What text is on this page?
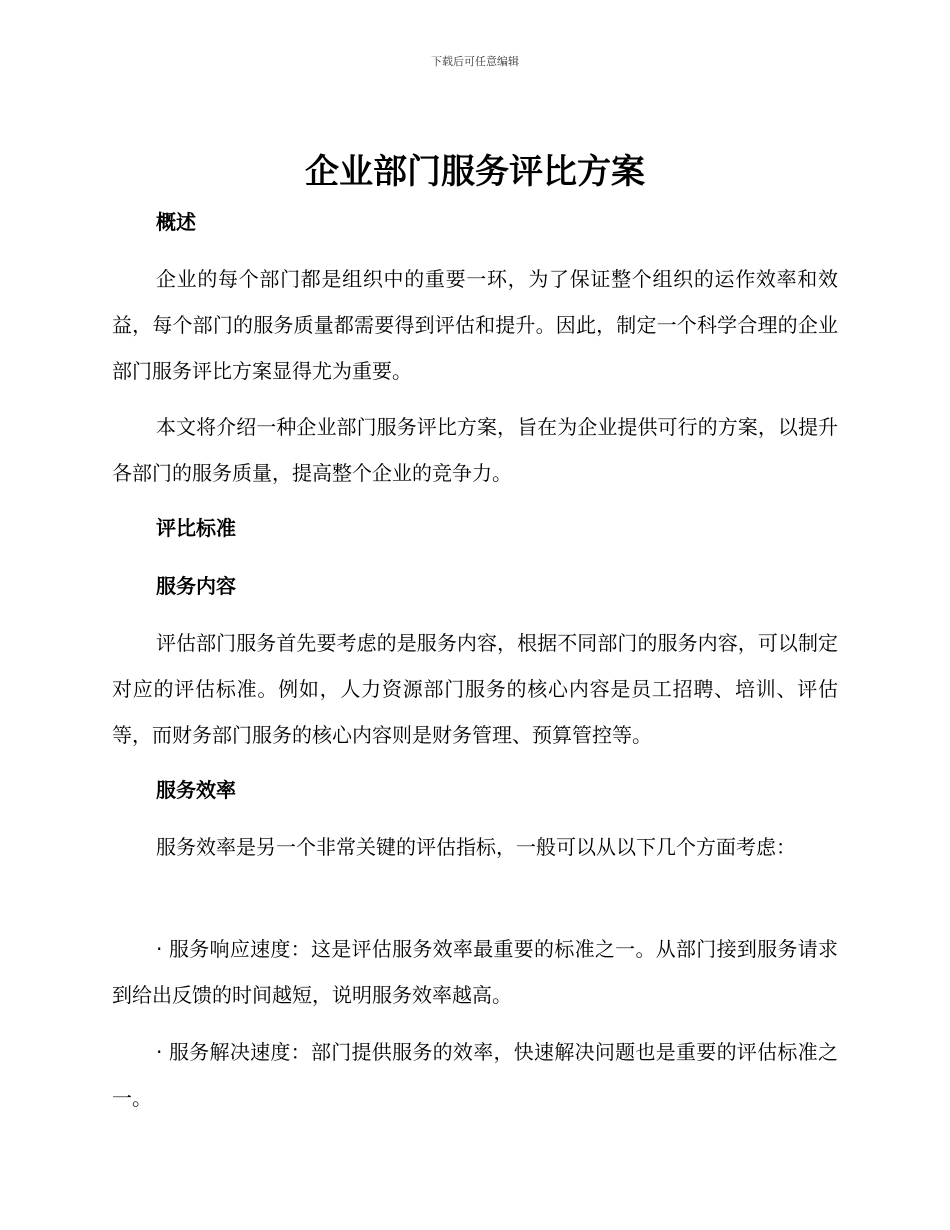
下载后可任意编辑
企业部门服务评比方案
概述

企业的每个部门都是组织中的重要一环，为了保证整个组织的运作效率和效益，每个部门的服务质量都需要得到评估和提升。因此，制定一个科学合理的企业部门服务评比方案显得尤为重要。

本文将介绍一种企业部门服务评比方案，旨在为企业提供可行的方案，以提升各部门的服务质量，提高整个企业的竞争力。

评比标准
服务内容

评估部门服务首先要考虑的是服务内容，根据不同部门的服务内容，可以制定对应的评估标准。例如，人力资源部门服务的核心内容是员工招聘、培训、评估等，而财务部门服务的核心内容则是财务管理、预算管控等。

服务效率

服务效率是另一个非常关键的评估指标，一般可以从以下几个方面考虑：

· 服务响应速度：这是评估服务效率最重要的标准之一。从部门接到服务请求到给出反馈的时间越短，说明服务效率越高。

· 服务解决速度：部门提供服务的效率，快速解决问题也是重要的评估标准之一。
